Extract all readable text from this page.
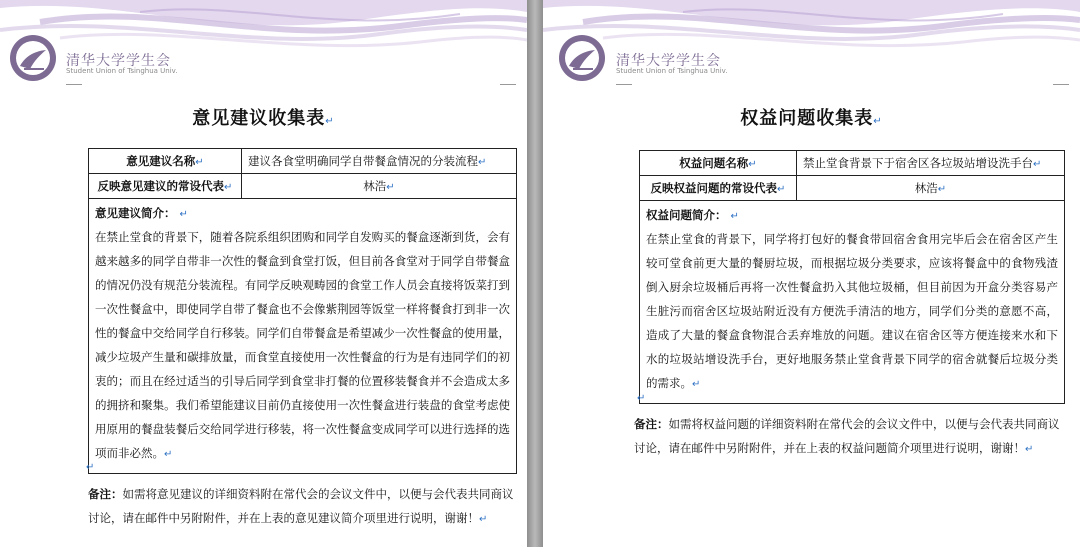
清华大学学生会
Student Union of Tsinghua Univ.
意见建议收集表↵
意见建议名称↵	建议各食堂明确同学自带餐盒情况的分装流程↵
反映意见建议的常设代表↵	林浩↵

意见建议简介： ↵
在禁止堂食的背景下，随着各院系组织团购和同学自发购买的餐盒逐渐到货，会有越来越多的同学自带非一次性的餐盒到食堂打饭，但目前各食堂对于同学自带餐盒的情况仍没有规范分装流程。有同学反映观畴园的食堂工作人员会直接将饭菜打到一次性餐盒中，即使同学自带了餐盒也不会像紫荆园等饭堂一样将餐食打到非一次性的餐盒中交给同学自行移装。同学们自带餐盒是希望减少一次性餐盒的使用量，减少垃圾产生量和碳排放量，而食堂直接使用一次性餐盒的行为是有违同学们的初衷的；而且在经过适当的引导后同学到食堂非打餐的位置移装餐食并不会造成太多的拥挤和聚集。我们希望能建议目前仍直接使用一次性餐盒进行装盘的食堂考虑使用原用的餐盘装餐后交给同学进行移装，将一次性餐盒变成同学可以进行选择的选项而非必然。↵	
↵
备注：如需将意见建议的详细资料附在常代会的会议文件中，以便与会代表共同商议讨论，请在邮件中另附附件，并在上表的意见建议简介项里进行说明，谢谢！↵
清华大学学生会
Student Union of Tsinghua Univ.
权益问题收集表↵
权益问题名称↵	禁止堂食背景下于宿舍区各垃圾站增设洗手台↵
反映权益问题的常设代表↵	林浩↵

权益问题简介： ↵
在禁止堂食的背景下，同学将打包好的餐食带回宿舍食用完毕后会在宿舍区产生较可堂食前更大量的餐厨垃圾，而根据垃圾分类要求，应该将餐盒中的食物残渣倒入厨余垃圾桶后再将一次性餐盒扔入其他垃圾桶，但目前因为开盒分类容易产生脏污而宿舍区垃圾站附近没有方便洗手清洁的地方，同学们分类的意愿不高，造成了大量的餐盒食物混合丢弃堆放的问题。建议在宿舍区等方便连接来水和下水的垃圾站增设洗手台，更好地服务禁止堂食背景下同学的宿舍就餐后垃圾分类的需求。↵	
↵
备注：如需将权益问题的详细资料附在常代会的会议文件中，以便与会代表共同商议讨论，请在邮件中另附附件，并在上表的权益问题简介项里进行说明，谢谢！↵
